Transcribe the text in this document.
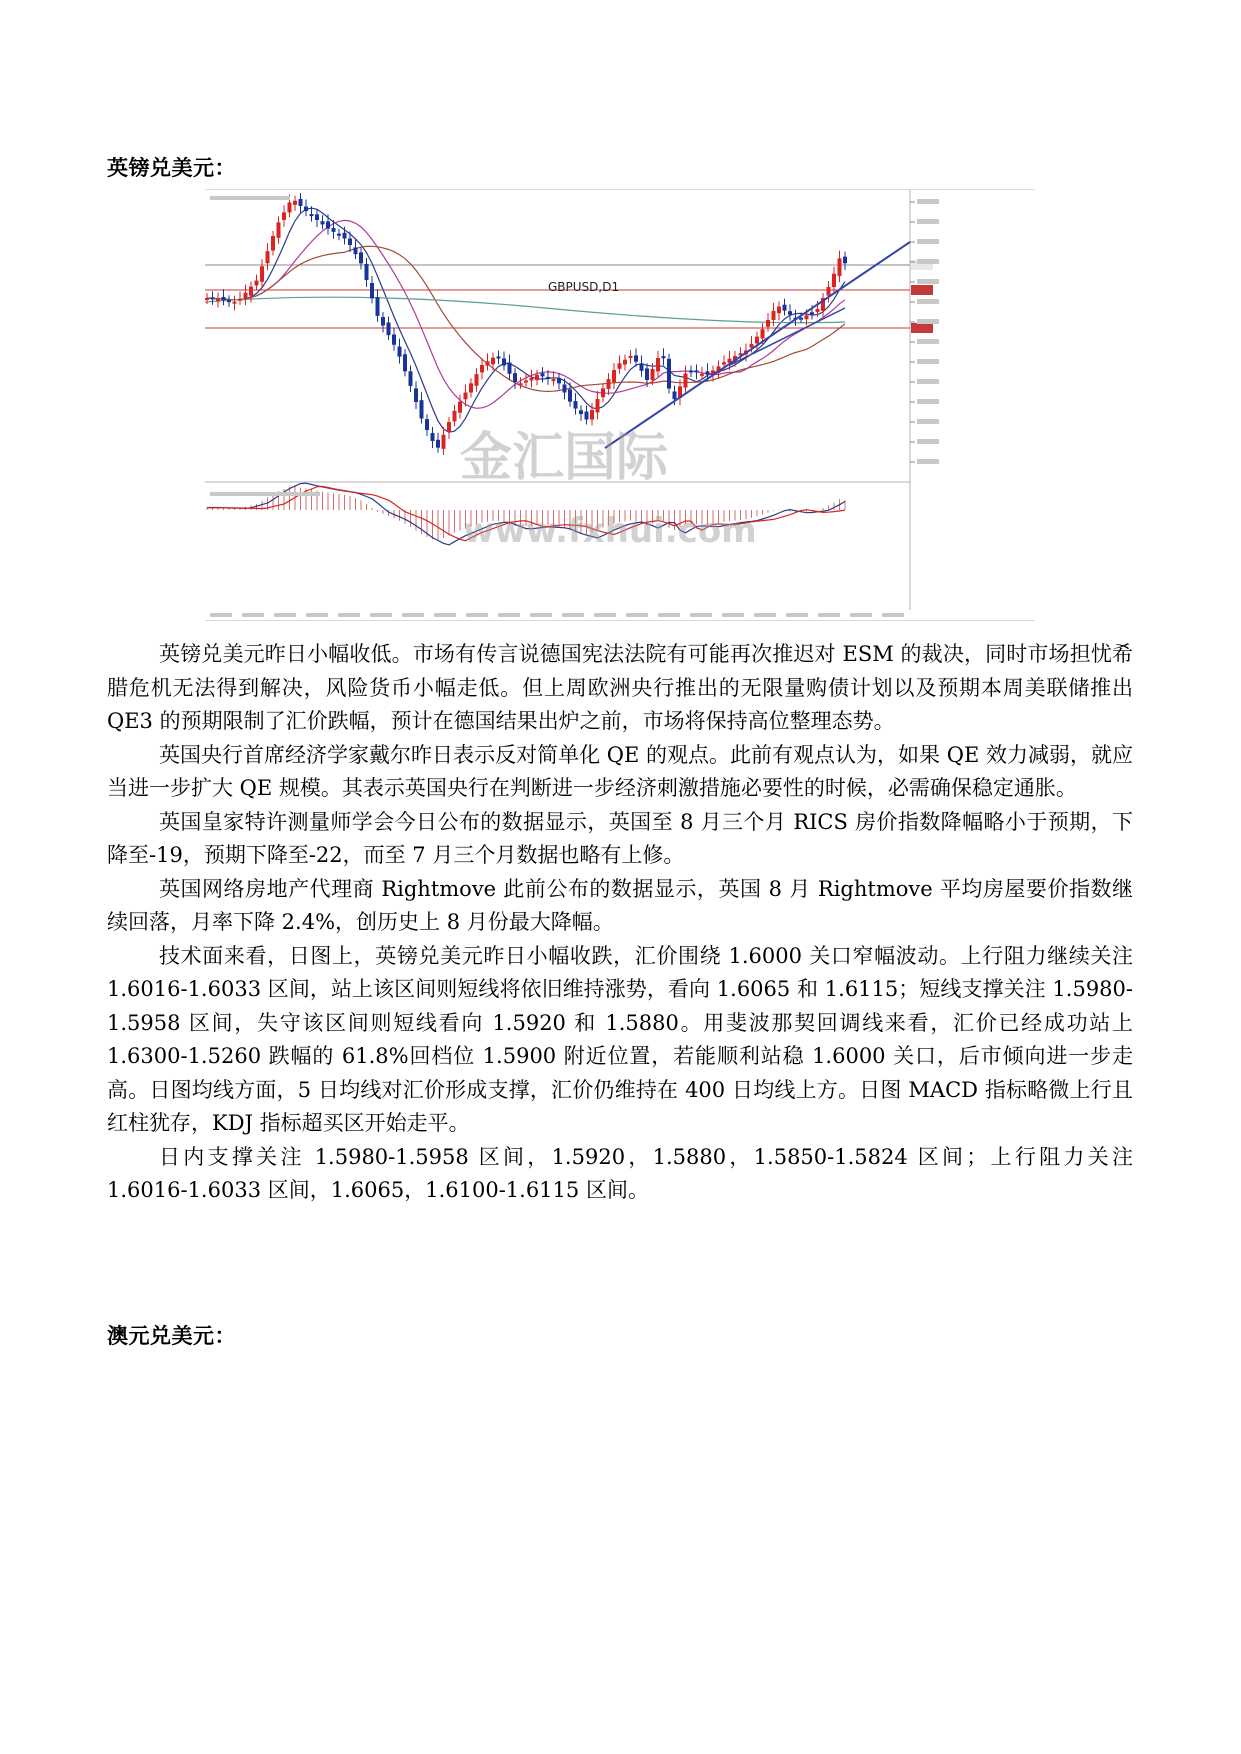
英镑兑美元：
GBPUSD,D1
金汇国际
www.fxhui.com

英镑兑美元昨日小幅收低。市场有传言说德国宪法法院有可能再次推迟对 ESM 的裁决，同时市场担忧希腊危机无法得到解决，风险货币小幅走低。但上周欧洲央行推出的无限量购债计划以及预期本周美联储推出 QE3 的预期限制了汇价跌幅，预计在德国结果出炉之前，市场将保持高位整理态势。

英国央行首席经济学家戴尔昨日表示反对简单化 QE 的观点。此前有观点认为，如果 QE 效力减弱，就应当进一步扩大 QE 规模。其表示英国央行在判断进一步经济刺激措施必要性的时候，必需确保稳定通胀。

英国皇家特许测量师学会今日公布的数据显示，英国至 8 月三个月 RICS 房价指数降幅略小于预期，下降至-19，预期下降至-22，而至 7 月三个月数据也略有上修。

英国网络房地产代理商 Rightmove 此前公布的数据显示，英国 8 月 Rightmove 平均房屋要价指数继续回落，月率下降 2.4%，创历史上 8 月份最大降幅。

技术面来看，日图上，英镑兑美元昨日小幅收跌，汇价围绕 1.6000 关口窄幅波动。上行阻力继续关注 1.6016-1.6033 区间，站上该区间则短线将依旧维持涨势，看向 1.6065 和 1.6115；短线支撑关注 1.5980-1.5958 区间，失守该区间则短线看向 1.5920 和 1.5880。用斐波那契回调线来看，汇价已经成功站上 1.6300-1.5260 跌幅的 61.8%回档位 1.5900 附近位置，若能顺利站稳 1.6000 关口，后市倾向进一步走高。日图均线方面，5 日均线对汇价形成支撑，汇价仍维持在 400 日均线上方。日图 MACD 指标略微上行且红柱犹存，KDJ 指标超买区开始走平。

日内支撑关注 1.5980-1.5958 区间，1.5920，1.5880，1.5850-1.5824 区间；上行阻力关注 1.6016-1.6033 区间，1.6065，1.6100-1.6115 区间。

澳元兑美元：
